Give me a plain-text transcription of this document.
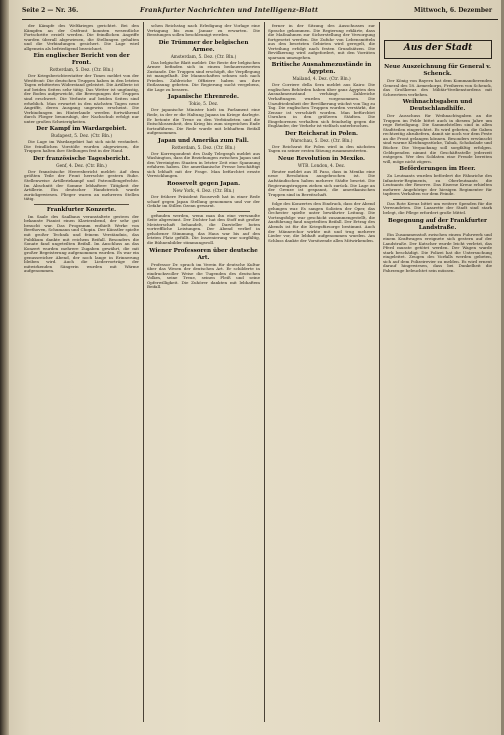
Seite 2 — Nr. 36.	Frankfurter Nachrichten und Intelligenz-Blatt	Mittwoch, 6. Dezember
Aus der Stadt
der Kämpfe des Weltkrieges gerichtet. Bei den Kämpfen an der Ostfront konnten wesentliche Fortschritte erzielt werden. Die feindlichen Angriffe wurden überall abgewiesen, die Stellungen gehalten und die Verbindungen gesichert. Die Lage wird allgemein als befriedigend bezeichnet.
Ein englischer Bericht von der Front.
Rotterdam, 5. Dez. (Ctr. Bln.)
Der Kriegsberichterstatter der Times meldet von der Westfront: Die deutschen Truppen haben in den letzten Tagen erbitterten Widerstand geleistet. Die Artillerie ist auf beiden Seiten sehr tätig. Das Wetter ist ungünstig, der Boden aufgeweicht, die Bewegungen der Truppen sind erschwert. Die Verluste auf beiden Seiten sind erheblich. Man erwartet in den nächsten Tagen neue Angriffe, deren Ausgang ungewiss erscheint. Die Verbindungen im Hinterlande werden fortwährend durch Flieger beunruhigt, der Nachschub erfolgt nur unter großen Schwierigkeiten.
Der Kampf im Wardargebiet.
Budapest, 5. Dez. (Ctr. Bln.)
Die Lage im Wardargebiet hat sich nicht verändert. Die feindlichen Vorstöße wurden abgewiesen, die Truppen halten ihre Stellungen fest in der Hand.
Der französische Tagesbericht.
Genf, 4. Dez. (Ctr. Bln.)
Der französische Heeresbericht meldet: Auf dem größten Teile der Front herrschte gestern Ruhe. Stellenweise Artilleriekampf und Patrouillengefechte. Im Abschnitt der Somme lebhaftere Tätigkeit der Artillerie. Ein deutscher Handstreich wurde zurückgewiesen. Flieger waren an mehreren Stellen tätig.
Frankfurter Konzerte.
Im Saale des Saalbaus veranstaltete gestern der bekannte Pianist einen Klavierabend, der sehr gut besucht war. Das Programm enthielt Werke von Beethoven, Schumann und Chopin. Der Künstler spielte mit großer Technik und feinem Verständnis, das Publikum dankte mit reichem Beifall. Besonders die Sonate fand ungeteilten Beifall. Im Anschluss an das Konzert wurden mehrere Zugaben gewährt, die mit großer Begeisterung aufgenommen wurden. Es war ein genussreicher Abend, der noch lange in Erinnerung bleiben wird. Auch die Liedervorträge der mitwirkenden Sängerin wurden mit Wärme aufgenommen.
schen Reichstag nach Erledigung der Vorlage eine Vertagung bis zum Januar zu erwarten. Die Beratungen sollen beschleunigt werden.
Die Trümmer der belgischen Armee.
Amsterdam, 5. Dez. (Ctr. Bln.)
Das belgische Blatt meldet: Die Reste der belgischen Armee befinden sich in einem bedauernswerten Zustande. Die Truppen sind erschöpft, die Verpflegung ist mangelhaft. Die Mannschaften sehnen sich nach Frieden. Zahlreiche Offiziere haben um ihre Entlassung gebeten. Die Regierung sucht vergebens, die Lage zu bessern.
Japanische Ehrenrede.
Tokio, 5. Dez.
Der japanische Minister hielt im Parlament eine Rede, in der er die Haltung Japans im Kriege darlegte. Er betonte die Treue zu den Verbündeten und die Entschlossenheit, den Krieg bis zum siegreichen Ende fortzuführen. Die Rede wurde mit lebhaftem Beifall aufgenommen.
Japan und Amerika zum Fall.
Rotterdam, 5. Dez. (Ctr. Bln.)
Der Korrespondent des Daily Telegraph meldet aus Washington, dass die Beziehungen zwischen Japan und den Vereinigten Staaten in letzter Zeit eine Spannung erfahren haben. Die amerikanische Presse beschäftigt sich lebhaft mit der Frage. Man befürchtet ernste Verwicklungen.
Roosevelt gegen Japan.
New York, 4. Dez. (Ctr. Bln.)
Der frühere Präsident Roosevelt hat in einer Rede scharf gegen Japan Stellung genommen und vor der Gefahr im Stillen Ozean gewarnt.
gefunden werden, wenn man ihn eine verwandte Seite abgewinnt. Der Dichter hat den Stoff mit großer Meisterschaft behandelt, die Darsteller boten vortreffliche Leistungen. Der Abend verlief in gehobener Stimmung, das Haus war bis auf den letzten Platz gefüllt. Die Inszenierung war sorgfältig, die Bühnenbilder stimmungsvoll.
Wiener Professoren über deutsche Art.
Professor Dr. sprach im Verein für deutsche Kultur über das Wesen der deutschen Art. Er schilderte in eindrucksvoller Weise die Tugenden des deutschen Volkes, seine Treue, seinen Fleiß und seine Opferwilligkeit. Die Zuhörer dankten mit lebhaftem Beifall.
ferner in der Sitzung des Ausschusses zur Sprache gekommen. Die Regierung erklärte, dass die Maßnahmen zur Sicherstellung der Versorgung fortgesetzt werden. Die Zufuhr von Lebensmitteln aus den besetzten Gebieten wird geregelt, die Verteilung erfolgt nach festen Grundsätzen. Die Bevölkerung wird aufgefordert, mit den Vorräten sparsam umzugehen.
Britische Ausnahmezustände in Ägypten.
Mailand, 4. Dez. (Ctr. Bln.)
Der Corriere della Sera meldet aus Kairo: Die englischen Behörden haben über ganz Ägypten den Ausnahmezustand verhängt. Zahlreiche Verhaftungen wurden vorgenommen. Die Unzufriedenheit der Bevölkerung wächst von Tag zu Tag. Die englischen Truppen wurden verstärkt, die Zensur ist verschärft worden. Man befürchtet Unruhen in den größeren Städten. Die Eingeborenen verhalten sich feindselig gegen die Engländer, der Verkehr ist vielfach unterbrochen.
Der Reichsrat in Polen.
Warschau, 5. Dez. (Ctr. Bln.)
Der Reichsrat für Polen wird in den nächsten Tagen zu seiner ersten Sitzung zusammentreten.
Neue Revolution in Mexiko.
WTB. London, 4. Dez.
Reuter meldet aus El Paso, dass in Mexiko eine neue Revolution ausgebrochen ist. Die Aufständischen haben mehrere Städte besetzt. Die Regierungstruppen ziehen sich zurück. Die Lage an der Grenze ist gespannt, die amerikanischen Truppen sind in Bereitschaft.
folge des Konzertes den Eindruck, dass der Abend gelungen war. Es sangen Solisten der Oper, das Orchester spielte unter bewährter Leitung. Die Vortragsfolge war geschickt zusammengestellt, die Ausführung fand ungeteilten Beifall. Der Ertrag des Abends ist für die Kriegsfürsorge bestimmt. Auch der Männerchor wirkte mit und trug mehrere Lieder vor, die lebhaft aufgenommen wurden. Am Schluss dankte der Vorsitzende allen Mitwirkenden.
Neue Auszeichnung für General v. Schenck.
Der König von Bayern hat dem Kommandierenden General des 18. Armeekorps, Freiherrn von Schenck, das Großkreuz des Militär-Verdienstordens mit Schwertern verliehen.
Weihnachtsgaben und Deutschlandhilfe.
Der Ausschuss für Weihnachtsgaben an die Truppen im Felde bittet auch in diesem Jahre um rege Beteiligung. Die Sammelstellen sind in allen Stadtteilen eingerichtet. Es wird gebeten, die Gaben rechtzeitig abzuliefern, damit sie noch vor dem Feste an die Front gelangen können. Besonders erwünscht sind warme Kleidungsstücke, Tabak, Schokolade und Bücher. Die Verpackung soll sorgfältig erfolgen. Geldspenden nimmt die Geschäftsstelle jederzeit entgegen. Wer den Soldaten eine Freude bereiten will, möge nicht zögern.
Beförderungen im Heer.
Zu Leutnants wurden befördert die Fähnriche des Infanterie-Regiments, zu Oberleutnants die Leutnants der Reserve. Das Eiserne Kreuz erhielten mehrere Angehörige der hiesigen Regimenter für tapferes Verhalten vor dem Feinde.
Das Rote Kreuz bittet um weitere Spenden für die Verwundeten. Die Lazarette der Stadt sind stark belegt, die Pflege erfordert große Mittel.
Begegnung auf der Frankfurter Landstraße.
Ein Zusammenstoß zwischen einem Fuhrwerk und einem Kraftwagen ereignete sich gestern auf der Landstraße. Der Kutscher wurde leicht verletzt, das Pferd musste getötet werden. Der Wagen wurde stark beschädigt. Die Polizei hat die Untersuchung eingeleitet. Zeugen des Vorfalls werden gebeten, sich auf dem Polizeirevier zu melden. Es wird erneut darauf hingewiesen, dass bei Dunkelheit die Fahrzeuge beleuchtet sein müssen.
